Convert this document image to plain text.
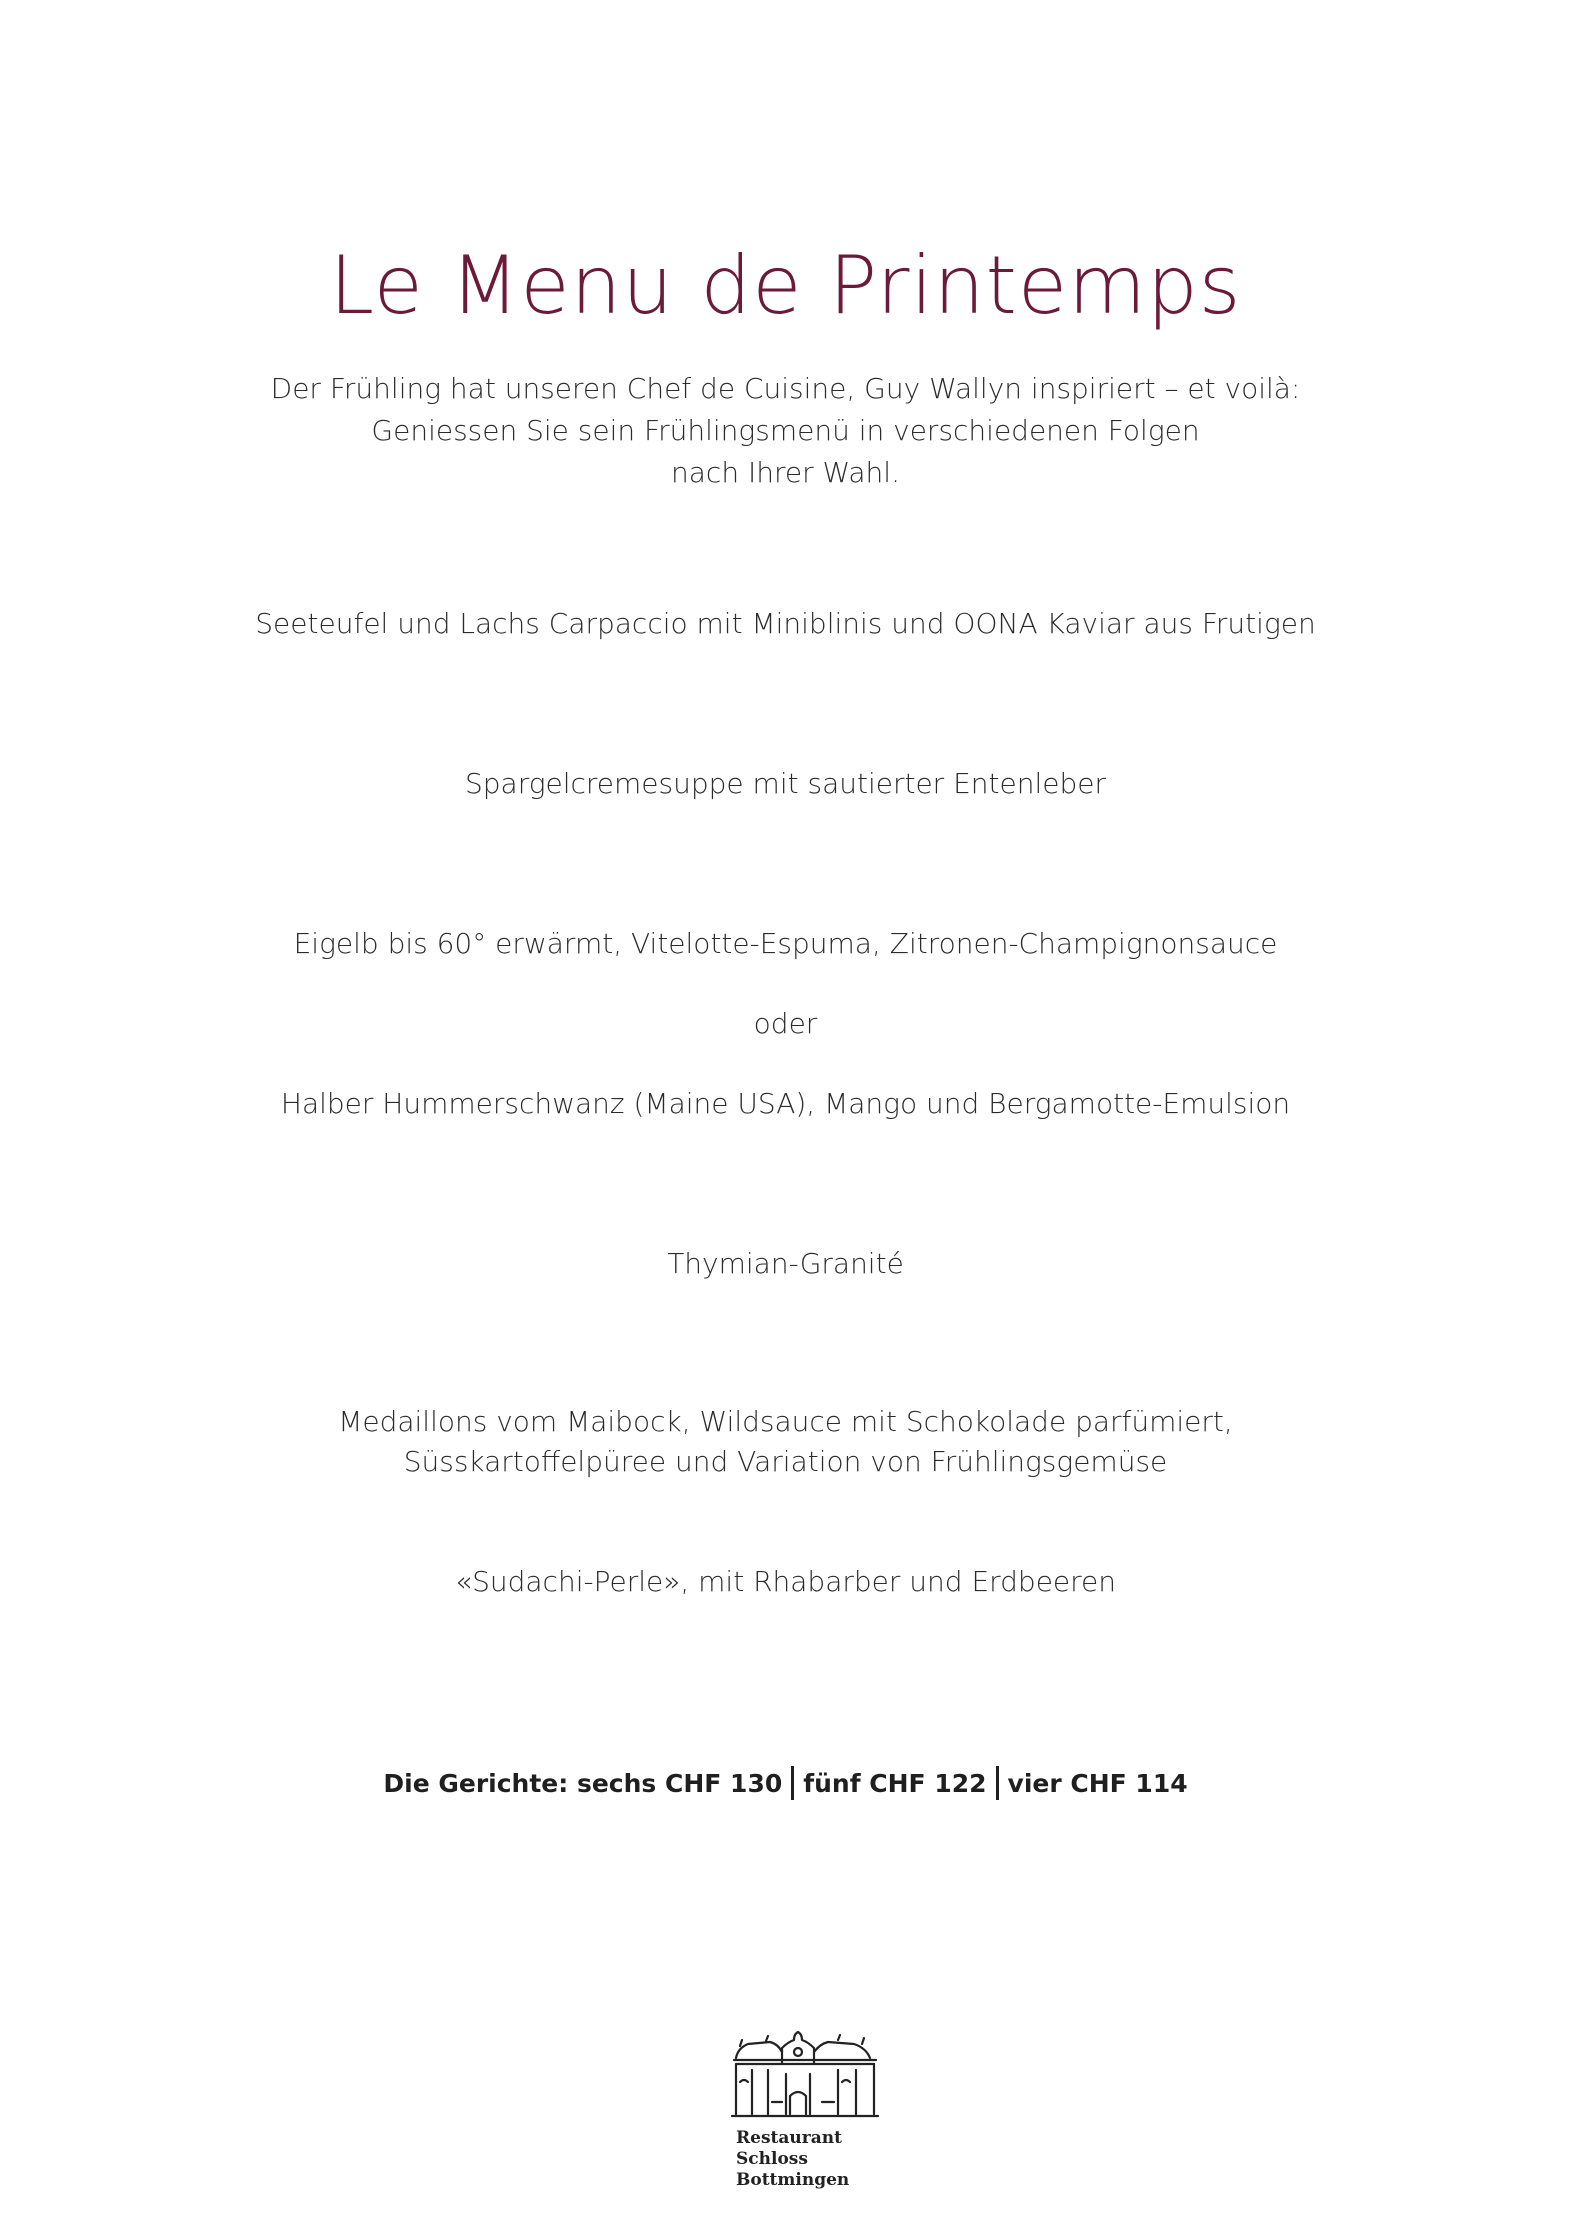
Le Menu de Printemps
Der Frühling hat unseren Chef de Cuisine, Guy Wallyn inspiriert – et voilà:
Geniessen Sie sein Frühlingsmenü in verschiedenen Folgen
nach Ihrer Wahl.

Seeteufel und Lachs Carpaccio mit Miniblinis und OONA Kaviar aus Frutigen

Spargelcremesuppe mit sautierter Entenleber

Eigelb bis 60° erwärmt, Vitelotte-Espuma, Zitronen-Champignonsauce

oder

Halber Hummerschwanz (Maine USA), Mango und Bergamotte-Emulsion

Thymian-Granité

Medaillons vom Maibock, Wildsauce mit Schokolade parfümiert,
Süsskartoffelpüree und Variation von Frühlingsgemüse

«Sudachi-Perle», mit Rhabarber und Erdbeeren

Die Gerichte: sechs CHF 130 fünf CHF 122 vier CHF 114

Restaurant
Schloss
Bottmingen
